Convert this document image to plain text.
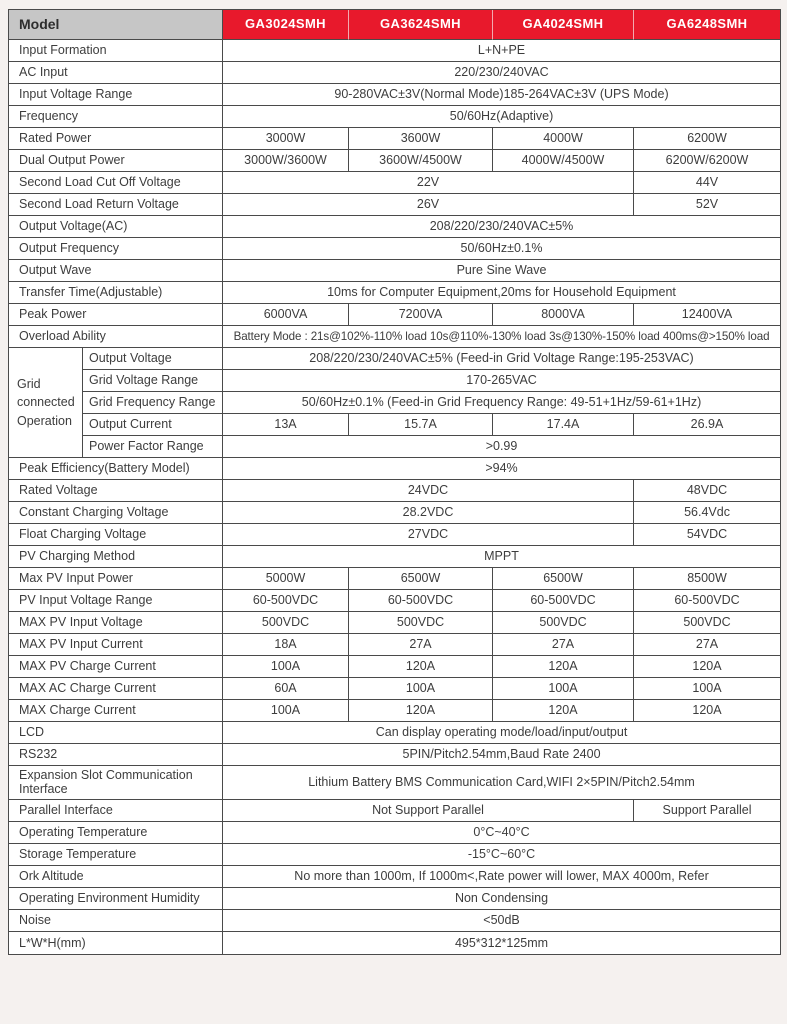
Model		GA3024SMH	GA3624SMH	GA4024SMH	GA6248SMH
Input Formation		L+N+PE			
AC Input		220/230/240VAC			
Input Voltage Range		90-280VAC±3V(Normal Mode)185-264VAC±3V (UPS Mode)			
Frequency		50/60Hz(Adaptive)			
Rated Power		3000W	3600W	4000W	6200W
Dual Output Power		3000W/3600W	3600W/4500W	4000W/4500W	6200W/6200W
Second Load Cut Off Voltage		22V			44V
Second Load Return Voltage		26V			52V
Output Voltage(AC)		208/220/230/240VAC±5%			
Output Frequency		50/60Hz±0.1%			
Output Wave		Pure Sine Wave			
Transfer Time(Adjustable)		10ms for Computer Equipment,20ms for Household Equipment			
Peak Power		6000VA	7200VA	8000VA	12400VA
Overload Ability		Battery Mode : 21s@102%-110% load 10s@110%-130% load 3s@130%-150% load 400ms@>150% load			
Grid connected Operation	Output Voltage	208/220/230/240VAC±5% (Feed-in Grid Voltage Range:195-253VAC)			
	Grid Voltage Range	170-265VAC			
	Grid Frequency Range	50/60Hz±0.1% (Feed-in Grid Frequency Range: 49-51+1Hz/59-61+1Hz)			
	Output Current	13A	15.7A	17.4A	26.9A
	Power Factor Range	>0.99			
Peak Efficiency(Battery Model)		>94%			
Rated Voltage		24VDC			48VDC
Constant Charging Voltage		28.2VDC			56.4Vdc
Float Charging Voltage		27VDC			54VDC
PV Charging Method		MPPT			
Max PV Input Power		5000W	6500W	6500W	8500W
PV Input Voltage Range		60-500VDC	60-500VDC	60-500VDC	60-500VDC
MAX PV Input Voltage		500VDC	500VDC	500VDC	500VDC
MAX PV Input Current		18A	27A	27A	27A
MAX PV Charge Current		100A	120A	120A	120A
MAX AC Charge Current		60A	100A	100A	100A
MAX Charge Current		100A	120A	120A	120A
LCD		Can display operating mode/load/input/output			
RS232		5PIN/Pitch2.54mm,Baud Rate 2400			
Expansion Slot Communication Interface		Lithium Battery BMS Communication Card,WIFI 2×5PIN/Pitch2.54mm			
Parallel Interface		Not Support Parallel			Support Parallel
Operating Temperature		0°C~40°C			
Storage Temperature		-15°C~60°C			
Ork Altitude		No more than 1000m, If 1000m<,Rate power will lower, MAX 4000m, Refer			
Operating Environment Humidity		Non Condensing			
Noise		<50dB			
L*W*H(mm)		495*312*125mm			
